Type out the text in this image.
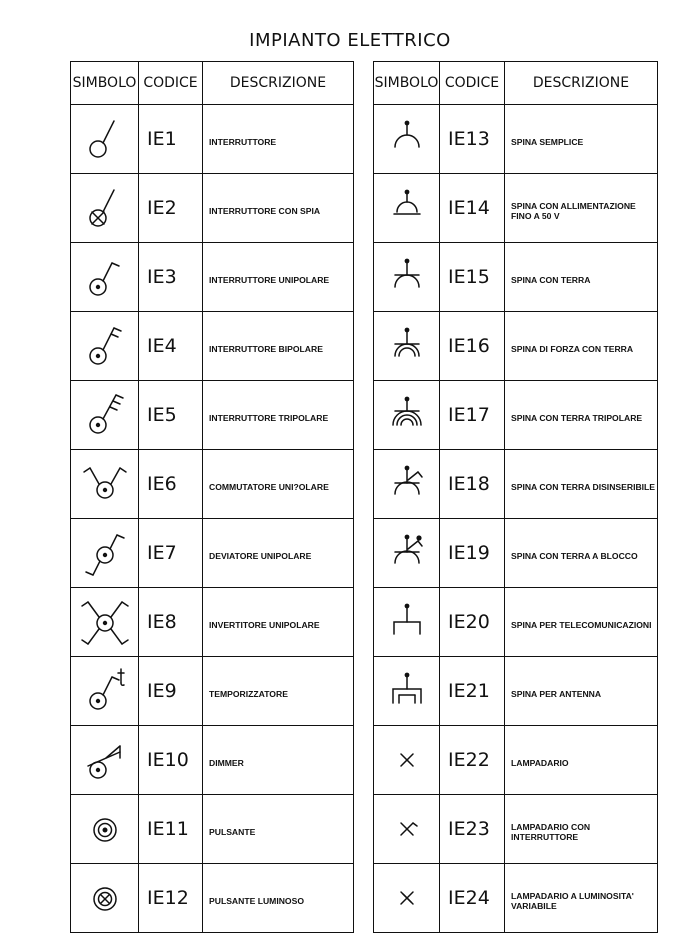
IMPIANTO ELETTRICO
SIMBOLO	CODICE	DESCRIZIONE

	IE1	INTERRUTTORE

	IE2	INTERRUTTORE CON SPIA

	IE3	INTERRUTTORE UNIPOLARE

	IE4	INTERRUTTORE BIPOLARE

	IE5	INTERRUTTORE TRIPOLARE

	IE6	COMMUTATORE UNI?OLARE

	IE7	DEVIATORE UNIPOLARE

	IE8	INVERTITORE UNIPOLARE

	IE9	TEMPORIZZATORE

	IE10	DIMMER

	IE11	PULSANTE

	IE12	PULSANTE LUMINOSO
SIMBOLO	CODICE	DESCRIZIONE

	IE13	SPINA SEMPLICE

	IE14	SPINA CON ALLIMENTAZIONE FINO A 50 V

	IE15	SPINA CON TERRA

	IE16	SPINA DI FORZA CON TERRA

	IE17	SPINA CON TERRA TRIPOLARE

	IE18	SPINA CON TERRA DISINSERIBILE

	IE19	SPINA CON TERRA A BLOCCO

	IE20	SPINA PER TELECOMUNICAZIONI

	IE21	SPINA PER ANTENNA

	IE22	LAMPADARIO

	IE23	LAMPADARIO CON INTERRUTTORE

	IE24	LAMPADARIO A LUMINOSITA' VARIABILE
